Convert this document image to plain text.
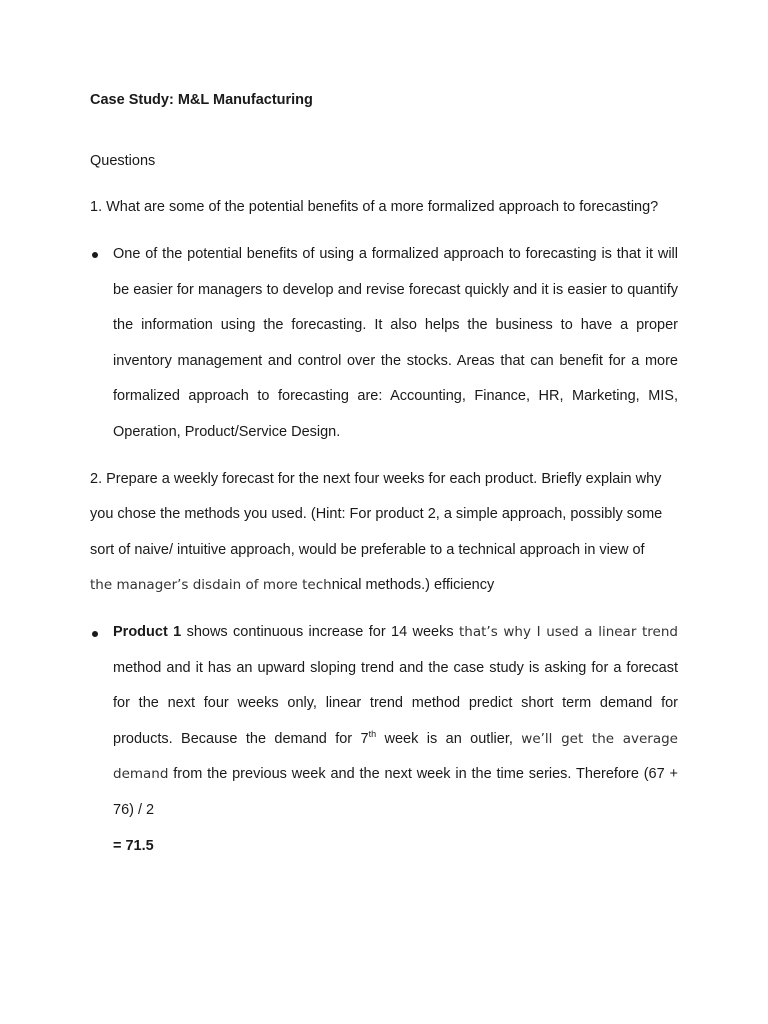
Case Study: M&L Manufacturing
Questions
1. What are some of the potential benefits of a more formalized approach to forecasting?
One of the potential benefits of using a formalized approach to forecasting is that it will be easier for managers to develop and revise forecast quickly and it is easier to quantify the information using the forecasting. It also helps the business to have a proper inventory management and control over the stocks. Areas that can benefit for a more formalized approach to forecasting are: Accounting, Finance, HR, Marketing, MIS, Operation, Product/Service Design.
2. Prepare a weekly forecast for the next four weeks for each product. Briefly explain why
you chose the methods you used. (Hint: For product 2, a simple approach, possibly some
sort of naive/ intuitive approach, would be preferable to a technical approach in view of
the manager’s disdain of more technical methods.) efficiency
Product 1 shows continuous increase for 14 weeks that’s why I used a linear trend method and it has an upward sloping trend and the case study is asking for a forecast for the next four weeks only, linear trend method predict short term demand for products. Because the demand for 7th week is an outlier, we’ll get the average demand from the previous week and the next week in the time series. Therefore (67 + 76) / 2
= 71.5
